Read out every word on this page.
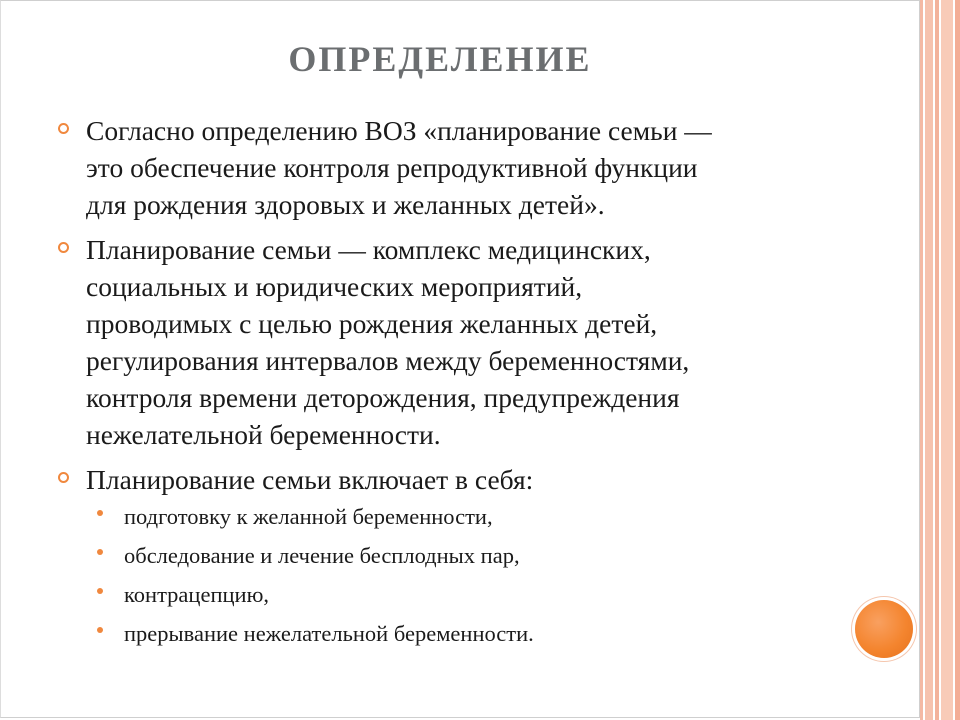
ОПРЕДЕЛЕНИЕ
Согласно определению ВОЗ «планирование семьи —
это обеспечение контроля репродуктивной функции
для рождения здоровых и желанных детей».
Планирование семьи — комплекс медицинских,
социальных и юридических мероприятий,
проводимых с целью рождения желанных детей,
регулирования интервалов между беременностями,
контроля времени деторождения, предупреждения
нежелательной беременности.
Планирование семьи включает в себя:
подготовку к желанной беременности,
обследование и лечение бесплодных пар,
контрацепцию,
прерывание нежелательной беременности.
